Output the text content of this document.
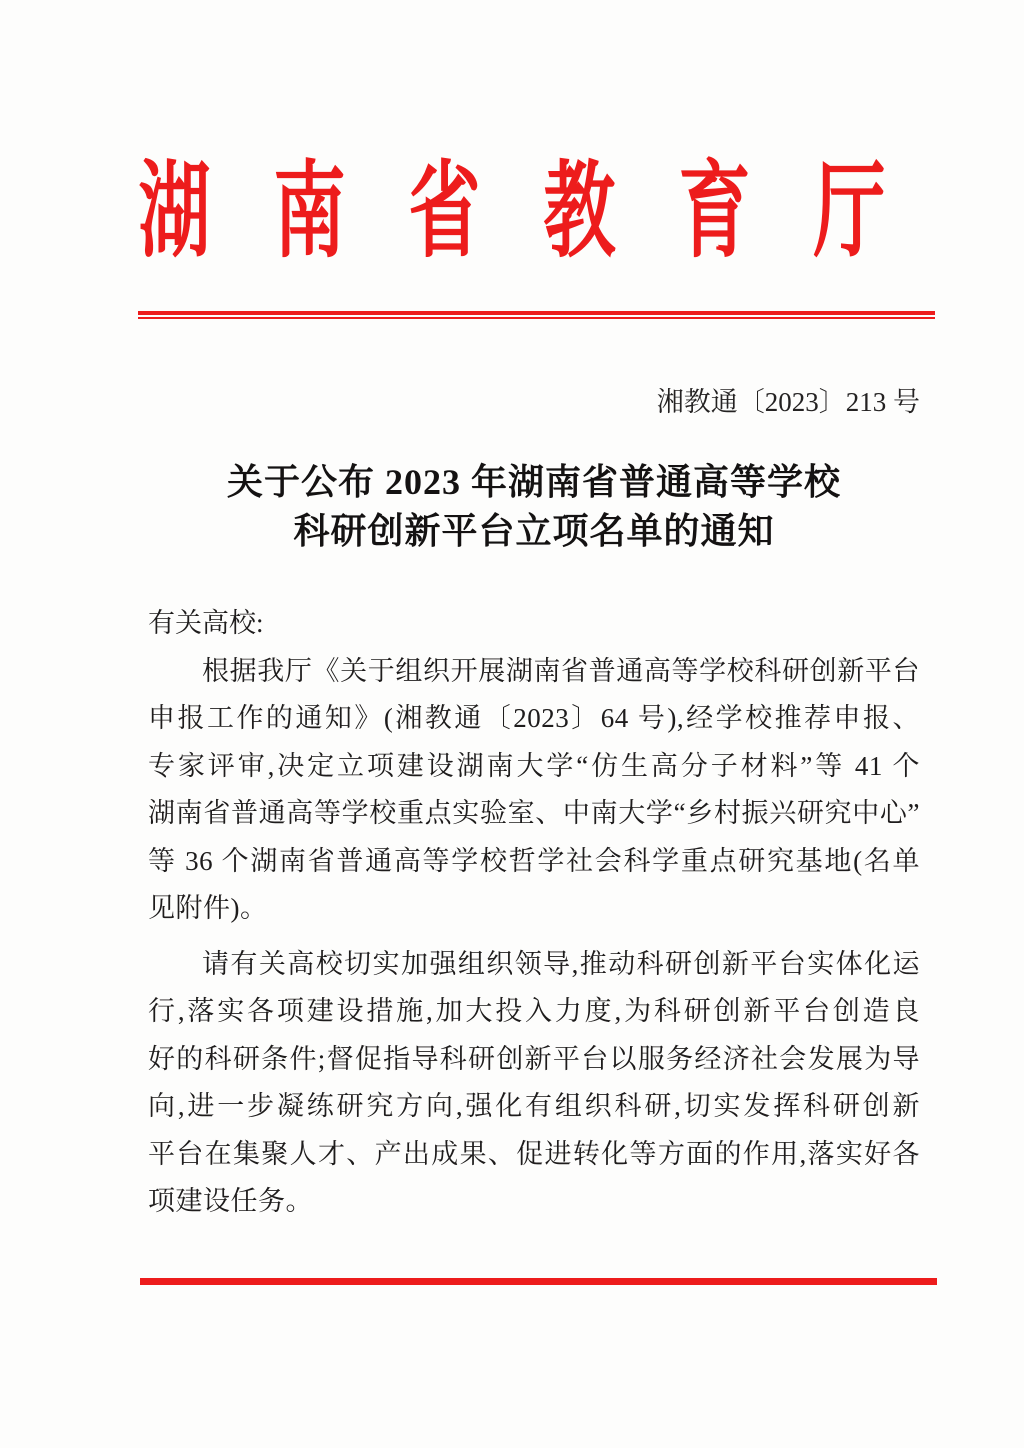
湖南省教育厅
湘教通〔2023〕213 号
关于公布 2023 年湖南省普通高等学校
科研创新平台立项名单的通知
有关高校:
根据我厅《关于组织开展湖南省普通高等学校科研创新平台
申报工作的通知》(湘教通〔2023〕64 号),经学校推荐申报、
专家评审,决定立项建设湖南大学“仿生高分子材料”等 41 个
湖南省普通高等学校重点实验室、中南大学“乡村振兴研究中心”
等 36 个湖南省普通高等学校哲学社会科学重点研究基地(名单
见附件)。
请有关高校切实加强组织领导,推动科研创新平台实体化运
行,落实各项建设措施,加大投入力度,为科研创新平台创造良
好的科研条件;督促指导科研创新平台以服务经济社会发展为导
向,进一步凝练研究方向,强化有组织科研,切实发挥科研创新
平台在集聚人才、产出成果、促进转化等方面的作用,落实好各
项建设任务。
